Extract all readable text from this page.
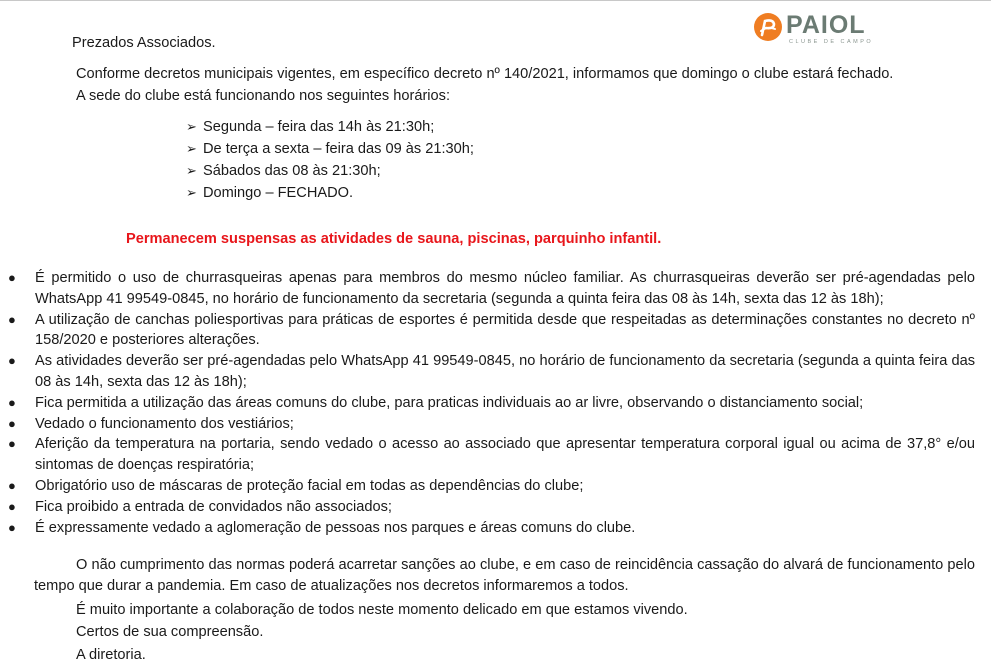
PAIOL
CLUBE DE CAMPO
Prezados Associados.
Conforme decretos municipais vigentes, em específico decreto nº 140/2021, informamos que domingo o clube estará fechado.
A sede do clube está funcionando nos seguintes horários:
➢ Segunda – feira das 14h às 21:30h;
➢ De terça a sexta – feira das 09 às 21:30h;
➢ Sábados das 08 às 21:30h;
➢ Domingo – FECHADO.
Permanecem suspensas as atividades de sauna, piscinas, parquinho infantil.
● É permitido o uso de churrasqueiras apenas para membros do mesmo núcleo familiar. As churrasqueiras deverão ser pré-agendadas pelo WhatsApp 41 99549-0845, no horário de funcionamento da secretaria (segunda a quinta feira das 08 às 14h, sexta das 12 às 18h);
● A utilização de canchas poliesportivas para práticas de esportes é permitida desde que respeitadas as determinações constantes no decreto nº 158/2020 e posteriores alterações.
● As atividades deverão ser pré-agendadas pelo WhatsApp 41 99549-0845, no horário de funcionamento da secretaria (segunda a quinta feira das 08 às 14h, sexta das 12 às 18h);
● Fica permitida a utilização das áreas comuns do clube, para praticas individuais ao ar livre, observando o distanciamento social;
● Vedado o funcionamento dos vestiários;
● Aferição da temperatura na portaria, sendo vedado o acesso ao associado que apresentar temperatura corporal igual ou acima de 37,8° e/ou sintomas de doenças respiratória;
● Obrigatório uso de máscaras de proteção facial em todas as dependências do clube;
● Fica proibido a entrada de convidados não associados;
● É expressamente vedado a aglomeração de pessoas nos parques e áreas comuns do clube.
O não cumprimento das normas poderá acarretar sanções ao clube, e em caso de reincidência cassação do alvará de funcionamento pelo tempo que durar a pandemia. Em caso de atualizações nos decretos informaremos a todos.
É muito importante a colaboração de todos neste momento delicado em que estamos vivendo.
Certos de sua compreensão.
A diretoria.
